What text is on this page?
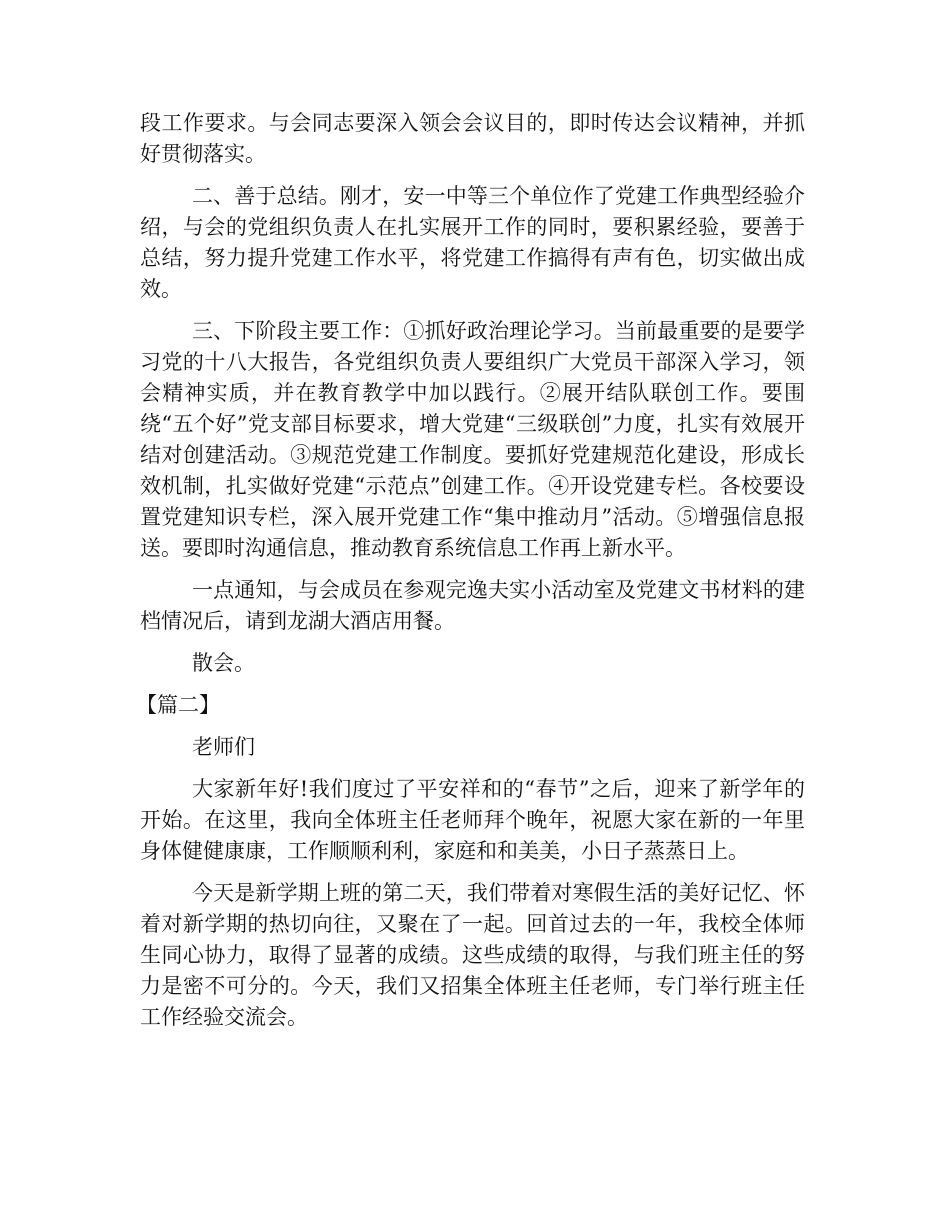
段工作要求。与会同志要深入领会会议目的，即时传达会议精神，并抓好贯彻落实。

二、善于总结。刚才，安一中等三个单位作了党建工作典型经验介绍，与会的党组织负责人在扎实展开工作的同时，要积累经验，要善于总结，努力提升党建工作水平，将党建工作搞得有声有色，切实做出成效。

三、下阶段主要工作：①抓好政治理论学习。当前最重要的是要学习党的十八大报告，各党组织负责人要组织广大党员干部深入学习，领会精神实质，并在教育教学中加以践行。②展开结队联创工作。要围绕“五个好”党支部目标要求，增大党建“三级联创”力度，扎实有效展开结对创建活动。③规范党建工作制度。要抓好党建规范化建设，形成长效机制，扎实做好党建“示范点”创建工作。④开设党建专栏。各校要设置党建知识专栏，深入展开党建工作“集中推动月”活动。⑤增强信息报送。要即时沟通信息，推动教育系统信息工作再上新水平。

一点通知，与会成员在参观完逸夫实小活动室及党建文书材料的建档情况后，请到龙湖大酒店用餐。

散会。

【篇二】

老师们

大家新年好!我们度过了平安祥和的“春节”之后，迎来了新学年的开始。在这里，我向全体班主任老师拜个晚年，祝愿大家在新的一年里身体健健康康，工作顺顺利利，家庭和和美美，小日子蒸蒸日上。

今天是新学期上班的第二天，我们带着对寒假生活的美好记忆、怀着对新学期的热切向往，又聚在了一起。回首过去的一年，我校全体师生同心协力，取得了显著的成绩。这些成绩的取得，与我们班主任的努力是密不可分的。今天，我们又招集全体班主任老师，专门举行班主任工作经验交流会。
